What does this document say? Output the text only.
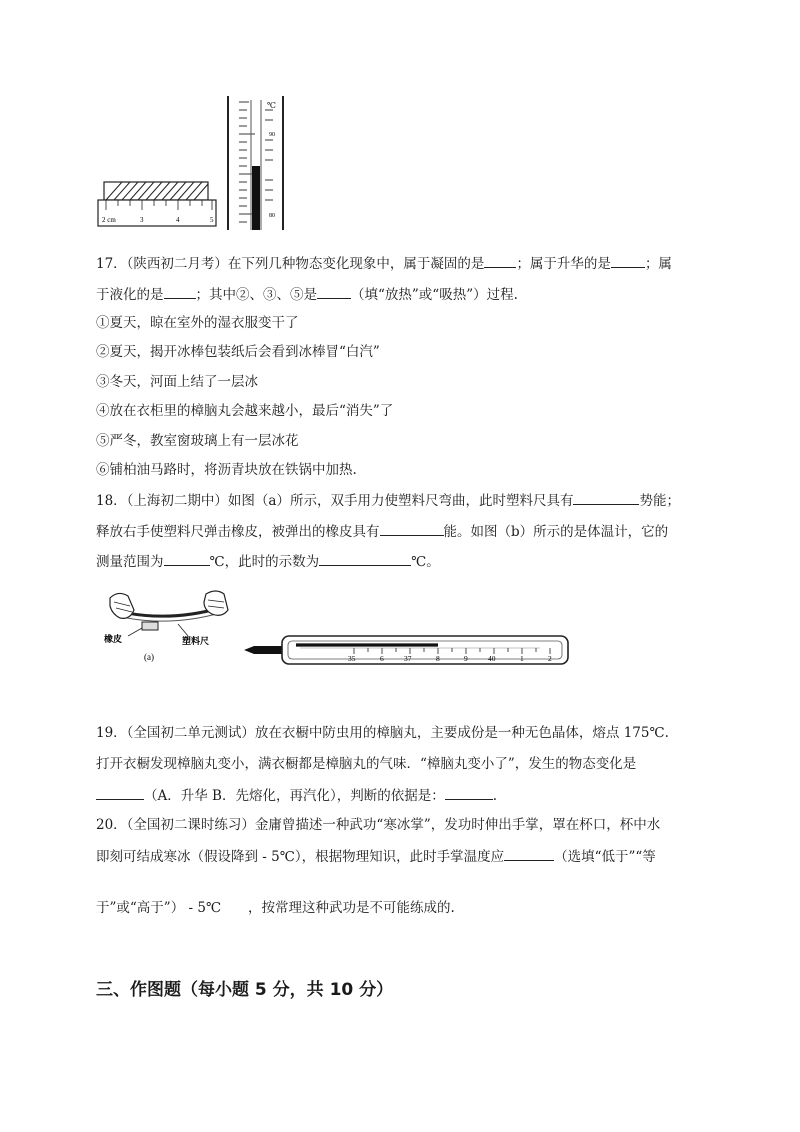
2 cm	3	4	5
℃
90
80
17．（陕西初二月考）在下列几种物态变化现象中，属于凝固的是 ；属于升华的是	；属
于液化的是 ；其中②、③、⑤是	（填“放热”或“吸热”）过程.
①夏天，晾在室外的湿衣服变干了
②夏天，揭开冰棒包装纸后会看到冰棒冒“白汽”
③冬天，河面上结了一层冰
④放在衣柜里的樟脑丸会越来越小，最后“消失”了
⑤严冬，教室窗玻璃上有一层冰花
⑥铺柏油马路时，将沥青块放在铁锅中加热.
18．（上海初二期中）如图（a）所示，双手用力使塑料尺弯曲，此时塑料尺具有	势能；
释放右手使塑料尺弹击橡皮，被弹出的橡皮具有	能。如图（b）所示的是体温计，它的
测量范围为	℃，此时的示数为	℃。
橡皮	塑料尺
(a)	35	6	37	8	9	40	1	2
19．（全国初二单元测试）放在衣橱中防虫用的樟脑丸，主要成份是一种无色晶体，熔点 175℃.
打开衣橱发现樟脑丸变小，满衣橱都是樟脑丸的气味．“樟脑丸变小了”，发生的物态变化是
（A．升华 B．先熔化，再汽化），判断的依据是：	.
20．（全国初二课时练习）金庸曾描述一种武功“寒冰掌”，发功时伸出手掌，罩在杯口，杯中水
即刻可结成寒冰（假设降到 - 5℃），根据物理知识，此时手掌温度应	（选填“低于”“等
于”或“高于”） - 5℃　　，按常理这种武功是不可能练成的.
三、作图题（每小题 5 分，共 10 分）
